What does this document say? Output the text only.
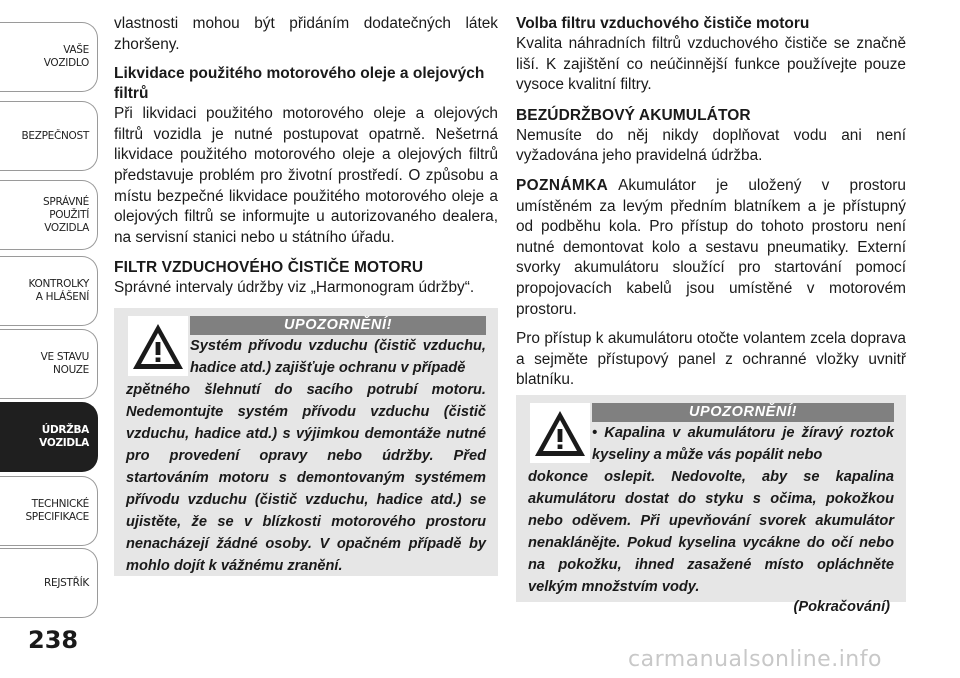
VAŠE
VOZIDLO
BEZPEČNOST
SPRÁVNÉ
POUŽITÍ
VOZIDLA
KONTROLKY
A HLÁŠENÍ
VE STAVU
NOUZE
ÚDRŽBA
VOZIDLA
TECHNICKÉ
SPECIFIKACE
REJSTŘÍK
238

vlastnosti mohou být přidáním dodatečných látek zhoršeny.

Likvidace použitého motorového oleje a olejových filtrů

Při likvidaci použitého motorového oleje a olejových filtrů vozidla je nutné postupovat opatrně. Nešetrná likvidace použitého motorového oleje a olejových filtrů představuje problém pro životní prostředí. O způsobu a místu bezpečné likvidace použitého motorového oleje a olejových filtrů se informujte u autorizovaného dealera, na servisní stanici nebo u státního úřadu.

FILTR VZDUCHOVÉHO ČISTIČE MOTORU

Správné intervaly údržby viz „Harmonogram údržby“.

UPOZORNĚNÍ!
Systém přívodu vzduchu (čistič vzduchu, hadice atd.) zajišťuje ochranu v případě
zpětného šlehnutí do sacího potrubí motoru. Nedemontujte systém přívodu vzduchu (čistič vzduchu, hadice atd.) s výjimkou demontáže nutné pro provedení opravy nebo údržby. Před startováním motoru s demontovaným systémem přívodu vzduchu (čistič vzduchu, hadice atd.) se ujistěte, že se v blízkosti motorového prostoru nenacházejí žádné osoby. V opačném případě by mohlo dojít k vážnému zranění.
Volba filtru vzduchového čističe motoru

Kvalita náhradních filtrů vzduchového čističe se značně liší. K zajištění co neúčinnější funkce používejte pouze vysoce kvalitní filtry.

BEZÚDRŽBOVÝ AKUMULÁTOR

Nemusíte do něj nikdy doplňovat vodu ani není vyžadována jeho pravidelná údržba.

POZNÁMKA Akumulátor je uložený v prostoru umístěném za levým předním blatníkem a je přístupný od podběhu kola. Pro přístup do tohoto prostoru není nutné demontovat kolo a sestavu pneumatiky. Externí svorky akumulátoru sloužící pro startování pomocí propojovacích kabelů jsou umístěné v motorovém prostoru.

Pro přístup k akumulátoru otočte volantem zcela doprava a sejměte přístupový panel z ochranné vložky uvnitř blatníku.

UPOZORNĚNÍ!
• Kapalina v akumulátoru je žíravý roztok kyseliny a může vás popálit nebo
dokonce oslepit. Nedovolte, aby se kapalina akumulátoru dostat do styku s očima, pokožkou nebo oděvem. Při upevňování svorek akumulátor nenaklánějte. Pokud kyselina vycákne do očí nebo na pokožku, ihned zasažené místo opláchněte velkým množstvím vody.
(Pokračování)
carmanualsonline.info
